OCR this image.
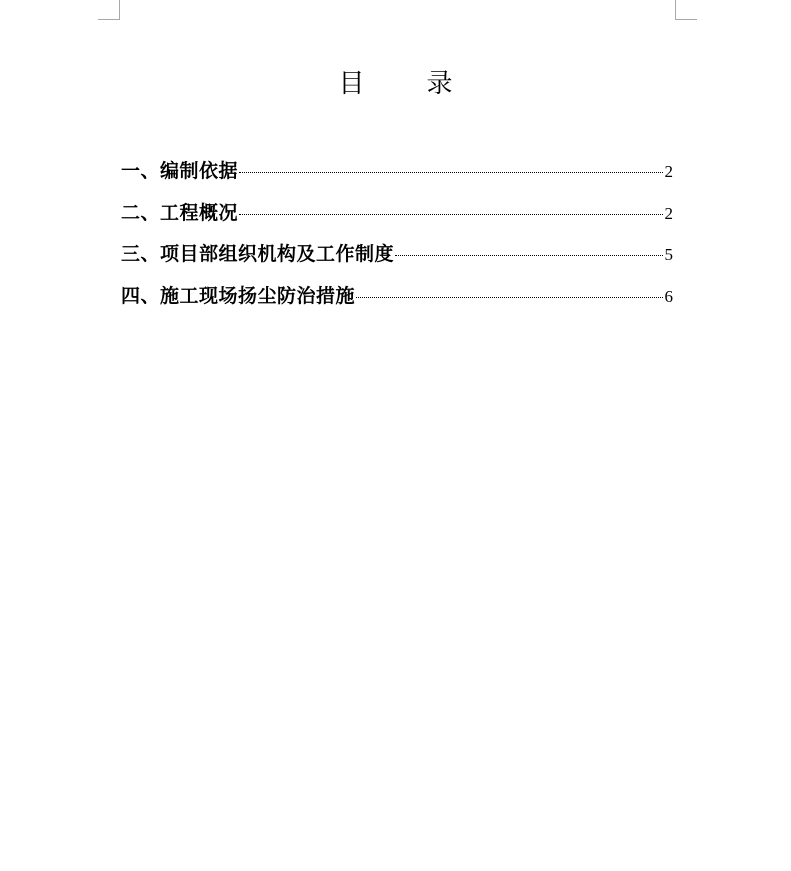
目 录
一、编制依据	2
二、工程概况	2
三、项目部组织机构及工作制度	5
四、施工现场扬尘防治措施	6
